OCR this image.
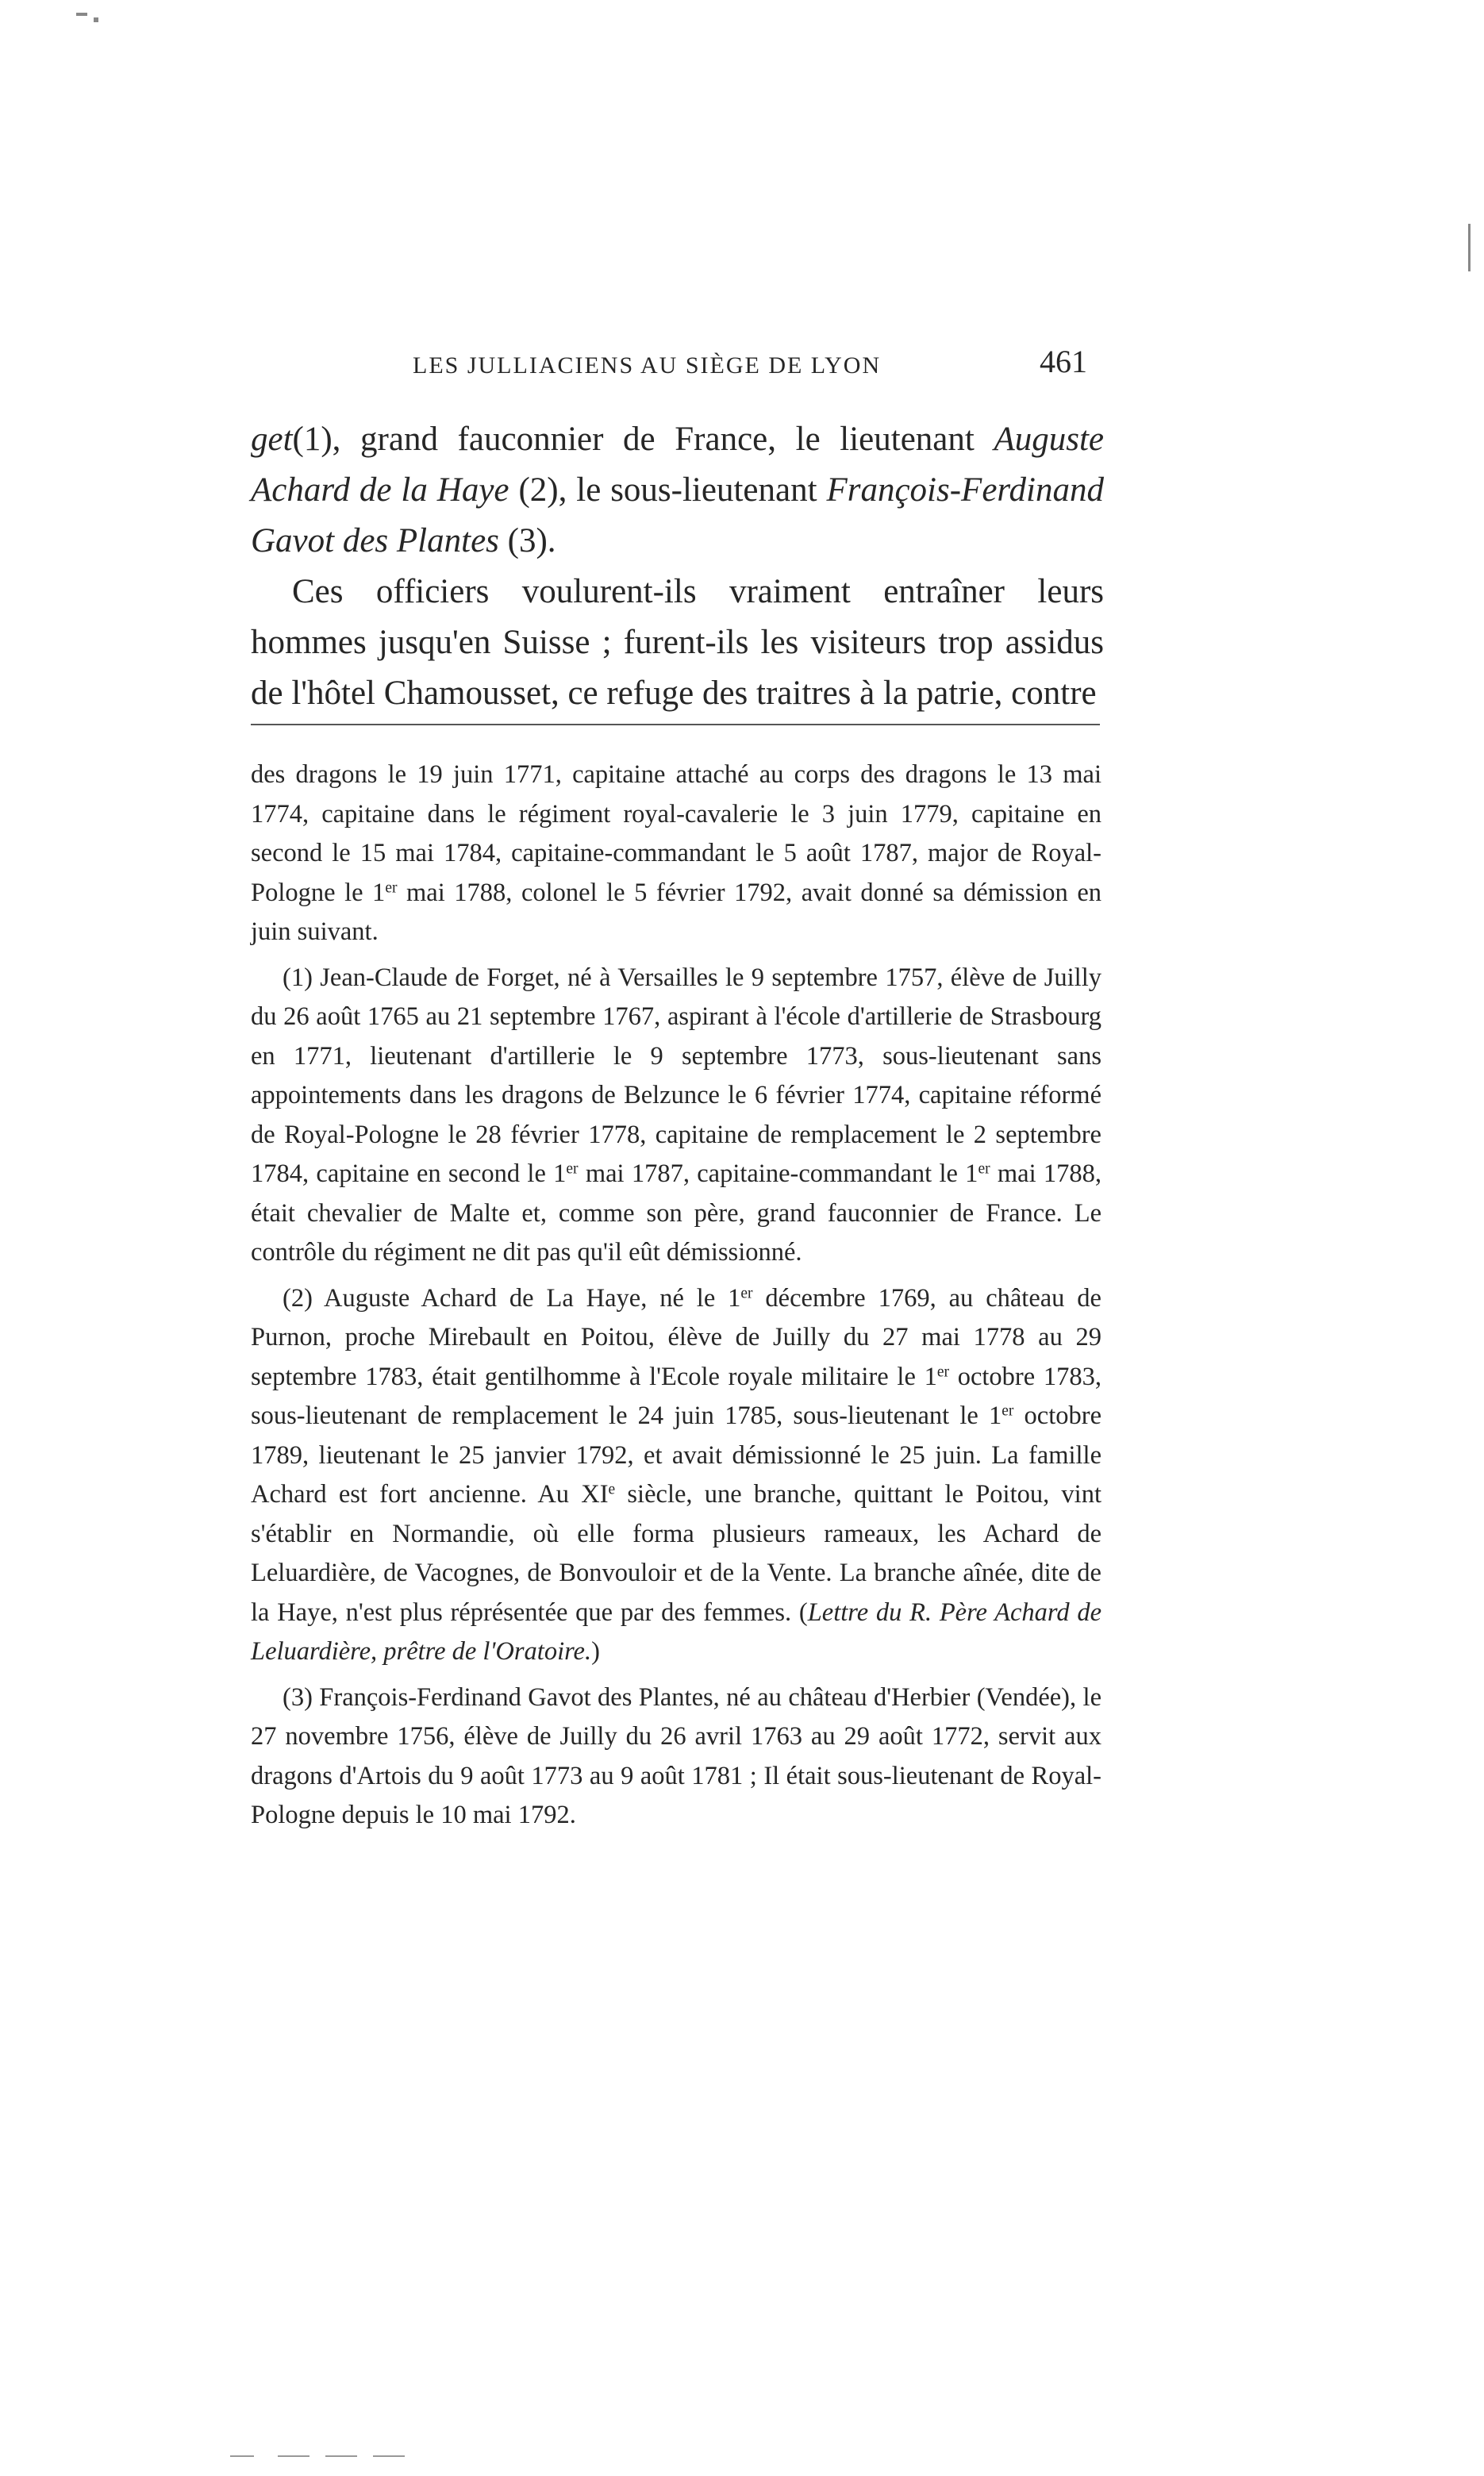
LES JULLIACIENS AU SIÈGE DE LYON	461

get(1), grand fauconnier de France, le lieutenant Auguste Achard de la Haye (2), le sous-lieutenant François-Ferdinand Gavot des Plantes (3).

Ces officiers voulurent-ils vraiment entraîner leurs hommes jusqu'en Suisse ; furent-ils les visiteurs trop assidus de l'hôtel Chamousset, ce refuge des traitres à la patrie, contre

des dragons le 19 juin 1771, capitaine attaché au corps des dragons le 13 mai 1774, capitaine dans le régiment royal-cavalerie le 3 juin 1779, capitaine en second le 15 mai 1784, capitaine-commandant le 5 août 1787, major de Royal-Pologne le 1er mai 1788, colonel le 5 février 1792, avait donné sa démission en juin suivant.

(1) Jean-Claude de Forget, né à Versailles le 9 septembre 1757, élève de Juilly du 26 août 1765 au 21 septembre 1767, aspirant à l'école d'artillerie de Strasbourg en 1771, lieutenant d'artillerie le 9 septembre 1773, sous-lieutenant sans appointements dans les dragons de Belzunce le 6 février 1774, capitaine réformé de Royal-Pologne le 28 février 1778, capitaine de remplacement le 2 septembre 1784, capitaine en second le 1er mai 1787, capitaine-commandant le 1er mai 1788, était chevalier de Malte et, comme son père, grand fauconnier de France. Le contrôle du régiment ne dit pas qu'il eût démissionné.

(2) Auguste Achard de La Haye, né le 1er décembre 1769, au château de Purnon, proche Mirebault en Poitou, élève de Juilly du 27 mai 1778 au 29 septembre 1783, était gentilhomme à l'Ecole royale militaire le 1er octobre 1783, sous-lieutenant de remplacement le 24 juin 1785, sous-lieutenant le 1er octobre 1789, lieutenant le 25 janvier 1792, et avait démissionné le 25 juin. La famille Achard est fort ancienne. Au XIe siècle, une branche, quittant le Poitou, vint s'établir en Normandie, où elle forma plusieurs rameaux, les Achard de Leluardière, de Vacognes, de Bonvouloir et de la Vente. La branche aînée, dite de la Haye, n'est plus réprésentée que par des femmes. (Lettre du R. Père Achard de Leluardière, prêtre de l'Oratoire.)

(3) François-Ferdinand Gavot des Plantes, né au château d'Herbier (Vendée), le 27 novembre 1756, élève de Juilly du 26 avril 1763 au 29 août 1772, servit aux dragons d'Artois du 9 août 1773 au 9 août 1781 ; Il était sous-lieutenant de Royal-Pologne depuis le 10 mai 1792.
